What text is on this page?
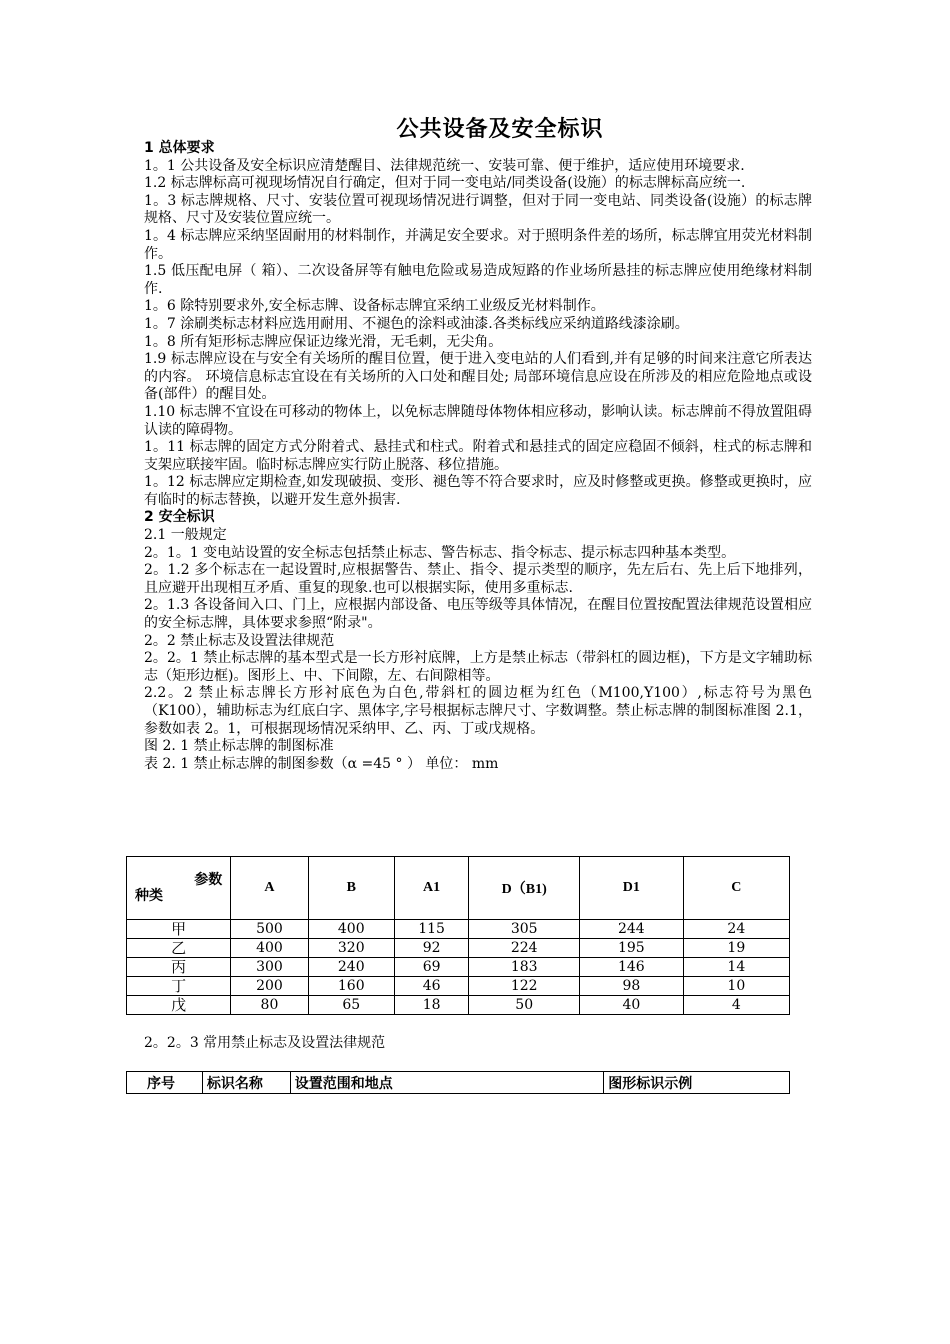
公共设备及安全标识

1 总体要求

1。1 公共设备及安全标识应清楚醒目、法律规范统一、安装可靠、便于维护，适应使用环境要求.

1.2 标志牌标高可视现场情况自行确定，但对于同一变电站/同类设备(设施）的标志牌标高应统一.

1。3 标志牌规格、尺寸、安装位置可视现场情况进行调整，但对于同一变电站、同类设备(设施）的标志牌规格、尺寸及安装位置应统一。

1。4 标志牌应采纳坚固耐用的材料制作，并满足安全要求。对于照明条件差的场所，标志牌宜用荧光材料制作。

1.5 低压配电屏（ 箱）、二次设备屏等有触电危险或易造成短路的作业场所悬挂的标志牌应使用绝缘材料制作.

1。6 除特别要求外,安全标志牌、设备标志牌宜采纳工业级反光材料制作。

1。7 涂刷类标志材料应选用耐用、不褪色的涂料或油漆.各类标线应采纳道路线漆涂刷。

1。8 所有矩形标志牌应保证边缘光滑，无毛刺，无尖角。

1.9 标志牌应设在与安全有关场所的醒目位置，便于进入变电站的人们看到,并有足够的时间来注意它所表达的内容。 环境信息标志宜设在有关场所的入口处和醒目处; 局部环境信息应设在所涉及的相应危险地点或设备(部件）的醒目处。

1.10 标志牌不宜设在可移动的物体上，以免标志牌随母体物体相应移动，影响认读。标志牌前不得放置阻碍认读的障碍物。

1。11 标志牌的固定方式分附着式、悬挂式和柱式。附着式和悬挂式的固定应稳固不倾斜，柱式的标志牌和支架应联接牢固。临时标志牌应实行防止脱落、移位措施。

1。12 标志牌应定期检查,如发现破损、变形、褪色等不符合要求时，应及时修整或更换。修整或更换时，应有临时的标志替换，以避开发生意外损害.

2 安全标识

2.1 一般规定

2。1。1 变电站设置的安全标志包括禁止标志、警告标志、指令标志、提示标志四种基本类型。

2。1.2 多个标志在一起设置时,应根据警告、禁止、指令、提示类型的顺序，先左后右、先上后下地排列，且应避开出现相互矛盾、重复的现象.也可以根据实际，使用多重标志.

2。1.3 各设备间入口、门上，应根据内部设备、电压等级等具体情况，在醒目位置按配置法律规范设置相应的安全标志牌，具体要求参照“附录"。

2。2 禁止标志及设置法律规范

2。2。1 禁止标志牌的基本型式是一长方形衬底牌，上方是禁止标志（带斜杠的圆边框)，下方是文字辅助标志（矩形边框)。图形上、中、下间隙，左、右间隙相等。

2.2。2 禁止标志牌长方形衬底色为白色,带斜杠的圆边框为红色（M100,Y100）,标志符号为黑色（K100），辅助标志为红底白字、黑体字,字号根据标志牌尺寸、字数调整。禁止标志牌的制图标准图 2.1，参数如表 2。1，可根据现场情况采纳甲、乙、丙、丁或戊规格。

图 2. 1 禁止标志牌的制图标准

表 2. 1 禁止标志牌的制图参数（α =45 ° ） 单位： mm

参数
种类	A	B	A1	D（B1)	D1	C
甲	500	400	115	305	244	24
乙	400	320	92	224	195	19
丙	300	240	69	183	146	14
丁	200	160	46	122	98	10
戊	80	65	18	50	40	4
2。2。3 常用禁止标志及设置法律规范
序号	标识名称	设置范围和地点	图形标识示例
